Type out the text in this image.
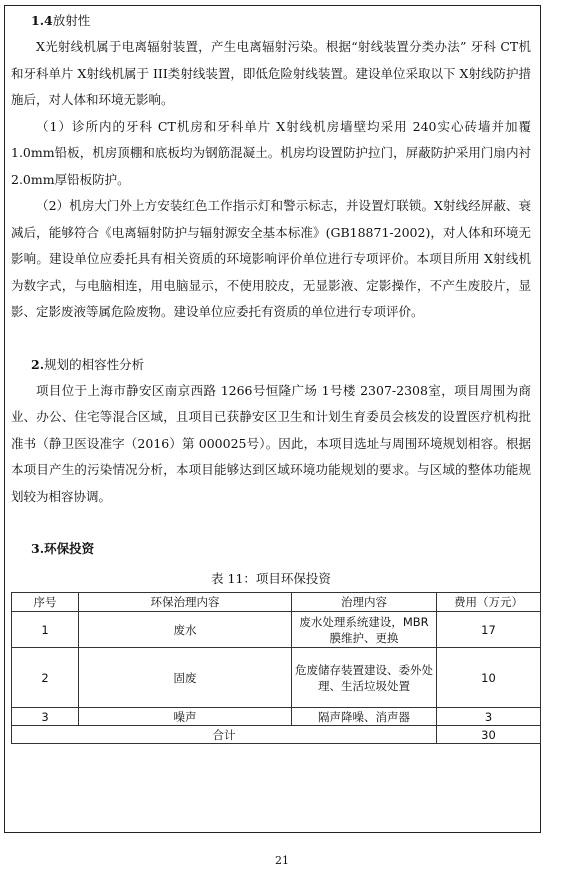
1.4放射性

X光射线机属于电离辐射装置，产生电离辐射污染。根据“射线装置分类办法” 牙科 CT机和牙科单片 X射线机属于 III类射线装置，即低危险射线装置。建设单位采取以下 X射线防护措施后，对人体和环境无影响。

（1）诊所内的牙科 CT机房和牙科单片 X射线机房墙壁均采用 240实心砖墙并加覆 1.0mm铅板，机房顶棚和底板均为钢筋混凝土。机房均设置防护拉门，屏蔽防护采用门扇内衬 2.0mm厚铅板防护。

（2）机房大门外上方安装红色工作指示灯和警示标志，并设置灯联锁。X射线经屏蔽、衰减后，能够符合《电离辐射防护与辐射源安全基本标准》(GB18871-2002)，对人体和环境无影响。建设单位应委托具有相关资质的环境影响评价单位进行专项评价。本项目所用 X射线机为数字式，与电脑相连，用电脑显示，不使用胶皮，无显影液、定影操作，不产生废胶片，显影、定影废液等属危险废物。建设单位应委托有资质的单位进行专项评价。

2.规划的相容性分析

项目位于上海市静安区南京西路 1266号恒隆广场 1号楼 2307-2308室，项目周围为商业、办公、住宅等混合区域，且项目已获静安区卫生和计划生育委员会核发的设置医疗机构批准书（静卫医设准字（2016）第 000025号）。因此，本项目选址与周围环境规划相容。根据本项目产生的污染情况分析，本项目能够达到区域环境功能规划的要求。与区域的整体功能规划较为相容协调。

3.环保投资

表 11：项目环保投资
序号	环保治理内容	治理内容	费用（万元）
1	废水	废水处理系统建设，MBR膜维护、更换	17
2	固废	危废储存装置建设、委外处理、生活垃圾处置	10
3	噪声	隔声降噪、消声器	3
合计			30
21
